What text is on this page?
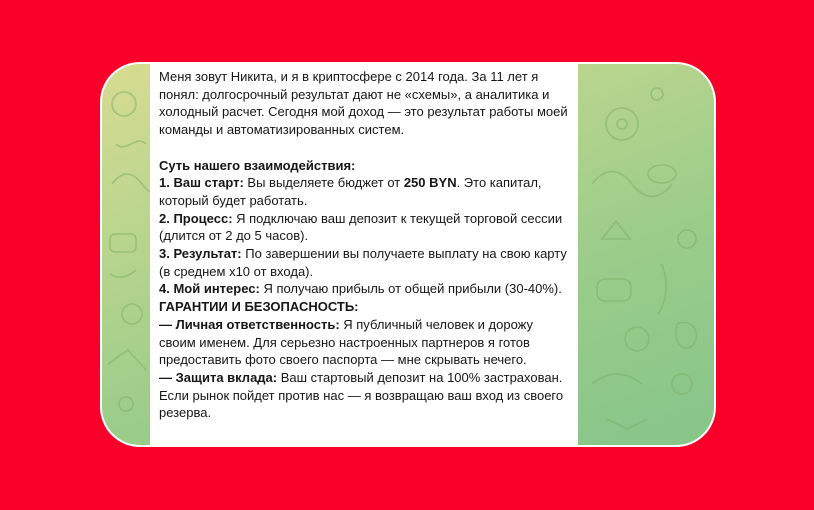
Меня зовут Никита, и я в криптосфере с 2014 года. За 11 лет я понял: долгосрочный результат дают не «схемы», а аналитика и холодный расчет. Сегодня мой доход — это результат работы моей команды и автоматизированных систем.

Суть нашего взаимодействия:
1. Ваш старт: Вы выделяете бюджет от 250 BYN. Это капитал, который будет работать.
2. Процесс: Я подключаю ваш депозит к текущей торговой сессии (длится от 2 до 5 часов).
3. Результат: По завершении вы получаете выплату на свою карту (в среднем x10 от входа).
4. Мой интерес: Я получаю прибыль от общей прибыли (30-40%).
ГАРАНТИИ И БЕЗОПАСНОСТЬ:
— Личная ответственность: Я публичный человек и дорожу своим именем. Для серьезно настроенных партнеров я готов предоставить фото своего паспорта — мне скрывать нечего.
— Защита вклада: Ваш стартовый депозит на 100% застрахован. Если рынок пойдет против нас — я возвращаю ваш вход из своего резерва.
